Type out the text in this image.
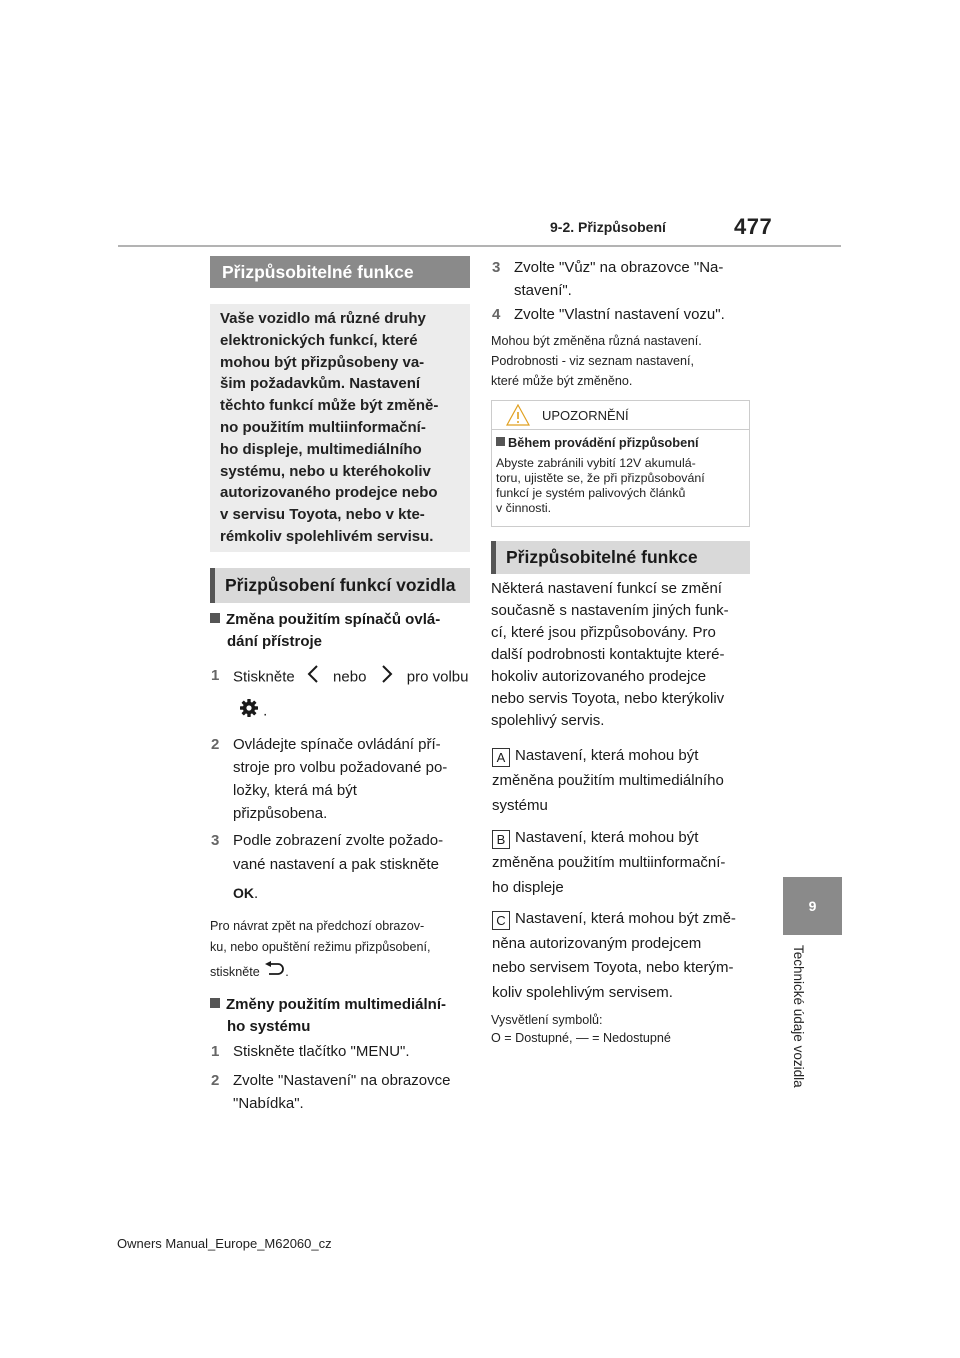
9-2. Přizpůsobení	477
9
Technické údaje vozidla
Přizpůsobitelné funkce
Vaše vozidlo má různé druhy
elektronických funkcí, které
mohou být přizpůsobeny va-
šim požadavkům. Nastavení
těchto funkcí může být změně-
no použitím multiinformační-
ho displeje, multimediálního
systému, nebo u kteréhokoliv
autorizovaného prodejce nebo
v servisu Toyota, nebo v kte-
rémkoliv spolehlivém servisu.
Přizpůsobení funkcí vozidla
Změna použitím spínačů ovlá-
dání přístroje
1 Stiskněte	nebo	pro volbu
.
2 Ovládejte spínače ovládání pří-
stroje pro volbu požadované po-
ložky, která má být
přizpůsobena.
3 Podle zobrazení zvolte požado-
vané nastavení a pak stiskněte
OK.
Pro návrat zpět na předchozí obrazov-
ku, nebo opuštění režimu přizpůsobení,
stiskněte .
Změny použitím multimediální-
ho systému
1 Stiskněte tlačítko "MENU".
2 Zvolte "Nastavení" na obrazovce
"Nabídka".
3 Zvolte "Vůz" na obrazovce "Na-
stavení".
4 Zvolte "Vlastní nastavení vozu".
Mohou být změněna různá nastavení.
Podrobnosti - viz seznam nastavení,
které může být změněno.
UPOZORNĚNÍ
Během provádění přizpůsobení
Abyste zabránili vybití 12V akumulá-
toru, ujistěte se, že při přizpůsobování
funkcí je systém palivových článků
v činnosti.
Přizpůsobitelné funkce
Některá nastavení funkcí se změní
současně s nastavením jiných funk-
cí, které jsou přizpůsobovány. Pro
další podrobnosti kontaktujte které-
hokoliv autorizovaného prodejce
nebo servis Toyota, nebo kterýkoliv
spolehlivý servis.
A Nastavení, která mohou být
změněna použitím multimediálního
systému
B Nastavení, která mohou být
změněna použitím multiinformační-
ho displeje
C Nastavení, která mohou být změ-
něna autorizovaným prodejcem
nebo servisem Toyota, nebo kterým-
koliv spolehlivým servisem.
Vysvětlení symbolů:
O = Dostupné, — = Nedostupné
Owners Manual_Europe_M62060_cz
